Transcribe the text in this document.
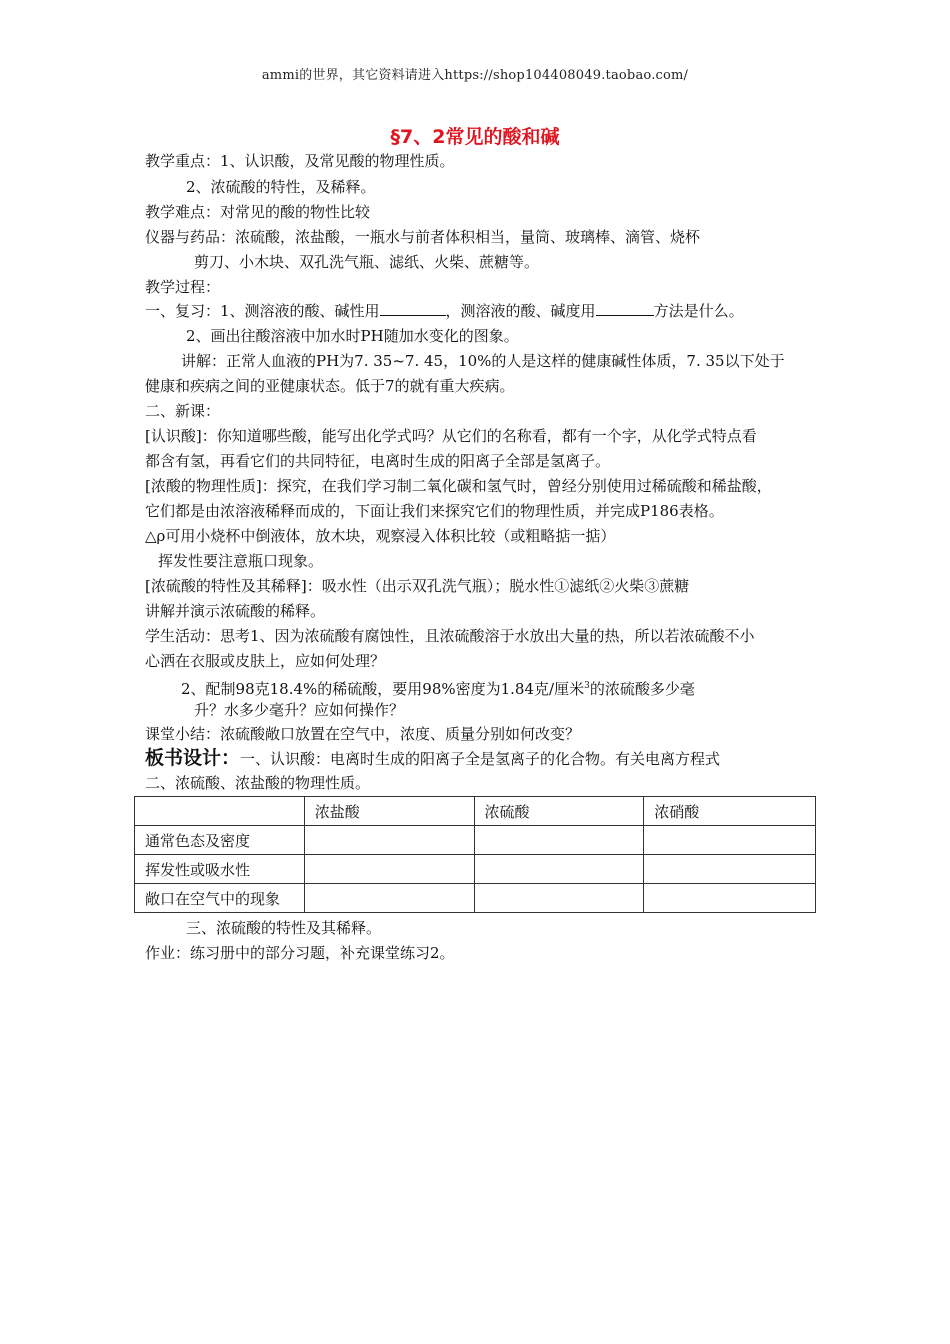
ammi的世界，其它资料请进入https://shop104408049.taobao.com/
§7、2常见的酸和碱
教学重点：1、认识酸，及常见酸的物理性质。
2、浓硫酸的特性，及稀释。
教学难点：对常见的酸的物性比较
仪器与药品：浓硫酸，浓盐酸，一瓶水与前者体积相当，量筒、玻璃棒、滴管、烧杯
剪刀、小木块、双孔洗气瓶、滤纸、火柴、蔗糖等。
教学过程：
一、复习：1、测溶液的酸、碱性用	，测溶液的酸、碱度用	方法是什么。
2、画出往酸溶液中加水时PH随加水变化的图象。
讲解：正常人血液的PH为7. 35~7. 45，10%的人是这样的健康碱性体质，7. 35以下处于
健康和疾病之间的亚健康状态。低于7的就有重大疾病。
二、新课：
[认识酸]：你知道哪些酸，能写出化学式吗？从它们的名称看，都有一个字，从化学式特点看
都含有氢，再看它们的共同特征，电离时生成的阳离子全部是氢离子。
[浓酸的物理性质]：探究，在我们学习制二氧化碳和氢气时，曾经分别使用过稀硫酸和稀盐酸，
它们都是由浓溶液稀释而成的，下面让我们来探究它们的物理性质，并完成P186表格。
△ρ可用小烧杯中倒液体，放木块，观察浸入体积比较（或粗略掂一掂）
挥发性要注意瓶口现象。
[浓硫酸的特性及其稀释]：吸水性（出示双孔洗气瓶）；脱水性①滤纸②火柴③蔗糖
讲解并演示浓硫酸的稀释。
学生活动：思考1、因为浓硫酸有腐蚀性，且浓硫酸溶于水放出大量的热，所以若浓硫酸不小
心洒在衣服或皮肤上，应如何处理？
2、配制98克18.4%的稀硫酸，要用98%密度为1.84克/厘米$^3$的浓硫酸多少毫
升？水多少毫升？应如何操作？
课堂小结：浓硫酸敞口放置在空气中，浓度、质量分别如何改变？
板书设计：一、认识酸：电离时生成的阳离子全是氢离子的化合物。有关电离方程式
二、浓硫酸、浓盐酸的物理性质。
	浓盐酸	浓硫酸	浓硝酸
通常色态及密度			
挥发性或吸水性			
敞口在空气中的现象			
三、浓硫酸的特性及其稀释。
作业：练习册中的部分习题，补充课堂练习2。
